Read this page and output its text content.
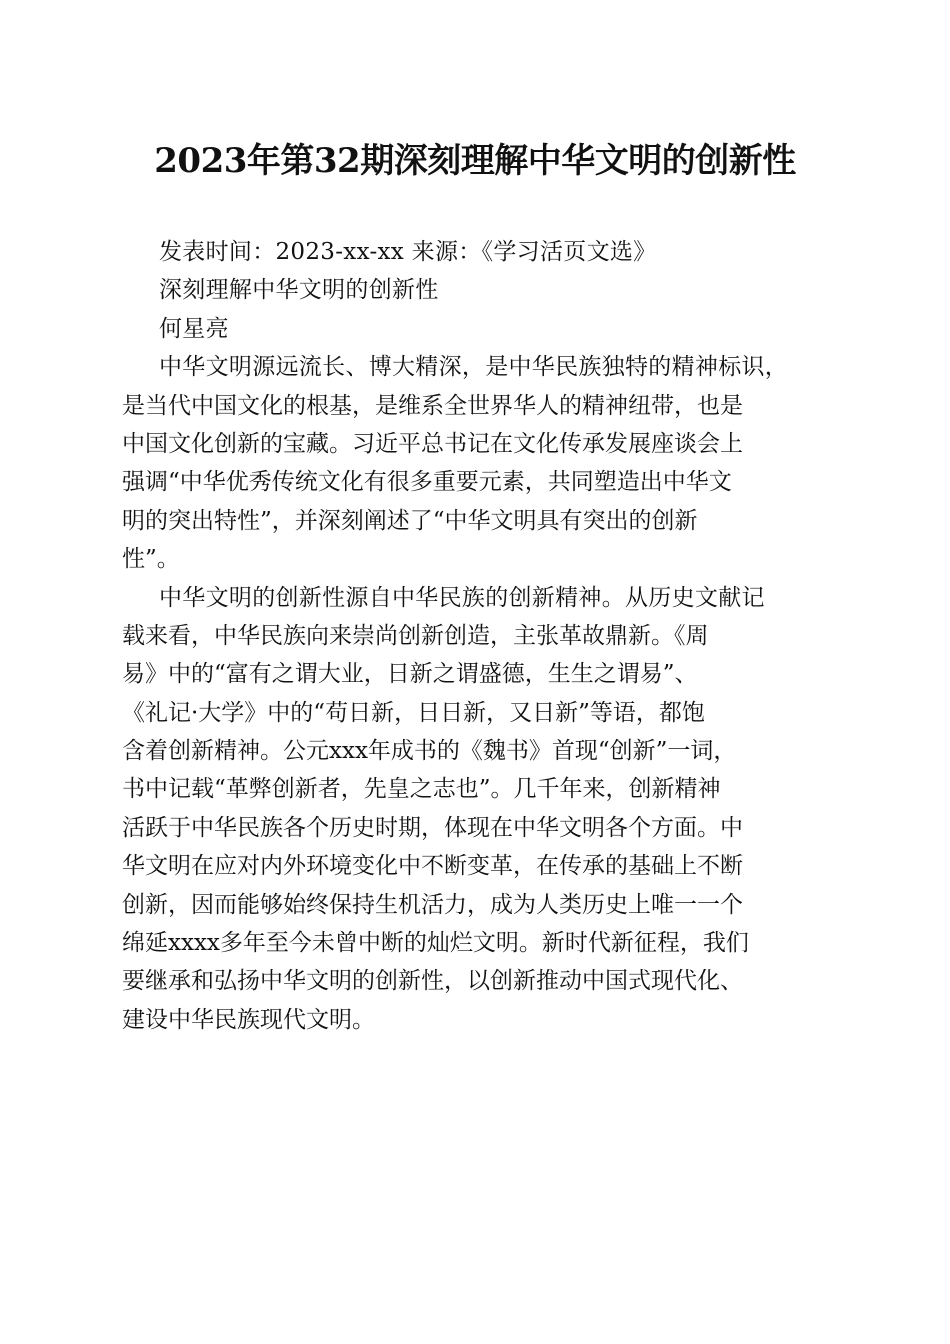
2023年第32期深刻理解中华文明的创新性
发表时间：2023-xx-xx 来源：《学习活页文选》
深刻理解中华文明的创新性
何星亮
中华文明源远流长、博大精深，是中华民族独特的精神标识，
是当代中国文化的根基，是维系全世界华人的精神纽带，也是
中国文化创新的宝藏。习近平总书记在文化传承发展座谈会上
强调“中华优秀传统文化有很多重要元素，共同塑造出中华文
明的突出特性”，并深刻阐述了“中华文明具有突出的创新
性”。
中华文明的创新性源自中华民族的创新精神。从历史文献记
载来看，中华民族向来崇尚创新创造，主张革故鼎新。《周
易》中的“富有之谓大业，日新之谓盛德，生生之谓易”、
《礼记·大学》中的“苟日新，日日新，又日新”等语，都饱
含着创新精神。公元xxx年成书的《魏书》首现“创新”一词，
书中记载“革弊创新者，先皇之志也”。几千年来，创新精神
活跃于中华民族各个历史时期，体现在中华文明各个方面。中
华文明在应对内外环境变化中不断变革，在传承的基础上不断
创新，因而能够始终保持生机活力，成为人类历史上唯一一个
绵延xxxx多年至今未曾中断的灿烂文明。新时代新征程，我们
要继承和弘扬中华文明的创新性，以创新推动中国式现代化、
建设中华民族现代文明。
